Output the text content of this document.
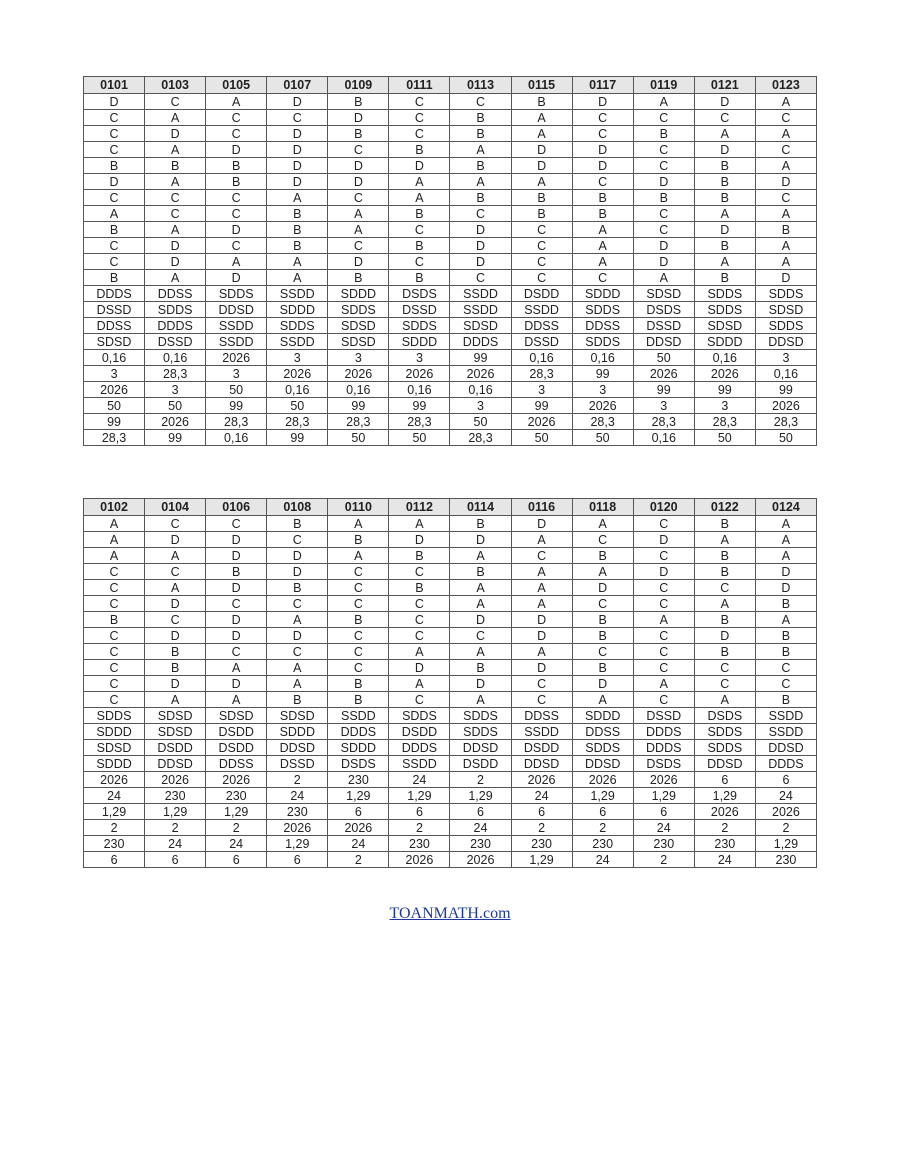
0101	0103	0105	0107	0109	0111	0113	0115	0117	0119	0121	0123
D	C	A	D	B	C	C	B	D	A	D	A
C	A	C	C	D	C	B	A	C	C	C	C
C	D	C	D	B	C	B	A	C	B	A	A
C	A	D	D	C	B	A	D	D	C	D	C
B	B	B	D	D	D	B	D	D	C	B	A
D	A	B	D	D	A	A	A	C	D	B	D
C	C	C	A	C	A	B	B	B	B	B	C
A	C	C	B	A	B	C	B	B	C	A	A
B	A	D	B	A	C	D	C	A	C	D	B
C	D	C	B	C	B	D	C	A	D	B	A
C	D	A	A	D	C	D	C	A	D	A	A
B	A	D	A	B	B	C	C	C	A	B	D
DDDS	DDSS	SDDS	SSDD	SDDD	DSDS	SSDD	DSDD	SDDD	SDSD	SDDS	SDDS
DSSD	SDDS	DDSD	SDDD	SDDS	DSSD	SSDD	SSDD	SDDS	DSDS	SDDS	SDSD
DDSS	DDDS	SSDD	SDDS	SDSD	SDDS	SDSD	DDSS	DDSS	DSSD	SDSD	SDDS
SDSD	DSSD	SSDD	SSDD	SDSD	SDDD	DDDS	DSSD	SDDS	DDSD	SDDD	DDSD
0,16	0,16	2026	3	3	3	99	0,16	0,16	50	0,16	3
3	28,3	3	2026	2026	2026	2026	28,3	99	2026	2026	0,16
2026	3	50	0,16	0,16	0,16	0,16	3	3	99	99	99
50	50	99	50	99	99	3	99	2026	3	3	2026
99	2026	28,3	28,3	28,3	28,3	50	2026	28,3	28,3	28,3	28,3
28,3	99	0,16	99	50	50	28,3	50	50	0,16	50	50
0102	0104	0106	0108	0110	0112	0114	0116	0118	0120	0122	0124
A	C	C	B	A	A	B	D	A	C	B	A
A	D	D	C	B	D	D	A	C	D	A	A
A	A	D	D	A	B	A	C	B	C	B	A
C	C	B	D	C	C	B	A	A	D	B	D
C	A	D	B	C	B	A	A	D	C	C	D
C	D	C	C	C	C	A	A	C	C	A	B
B	C	D	A	B	C	D	D	B	A	B	A
C	D	D	D	C	C	C	D	B	C	D	B
C	B	C	C	C	A	A	A	C	C	B	B
C	B	A	A	C	D	B	D	B	C	C	C
C	D	D	A	B	A	D	C	D	A	C	C
C	A	A	B	B	C	A	C	A	C	A	B
SDDS	SDSD	SDSD	SDSD	SSDD	SDDS	SDDS	DDSS	SDDD	DSSD	DSDS	SSDD
SDDD	SDSD	DSDD	SDDD	DDDS	DSDD	SDDS	SSDD	DDSS	DDDS	SDDS	SSDD
SDSD	DSDD	DSDD	DDSD	SDDD	DDDS	DDSD	DSDD	SDDS	DDDS	SDDS	DDSD
SDDD	DDSD	DDSS	DSSD	DSDS	SSDD	DSDD	DDSD	DDSD	DSDS	DDSD	DDDS
2026	2026	2026	2	230	24	2	2026	2026	2026	6	6
24	230	230	24	1,29	1,29	1,29	24	1,29	1,29	1,29	24
1,29	1,29	1,29	230	6	6	6	6	6	6	2026	2026
2	2	2	2026	2026	2	24	2	2	24	2	2
230	24	24	1,29	24	230	230	230	230	230	230	1,29
6	6	6	6	2	2026	2026	1,29	24	2	24	230
TOANMATH.com
